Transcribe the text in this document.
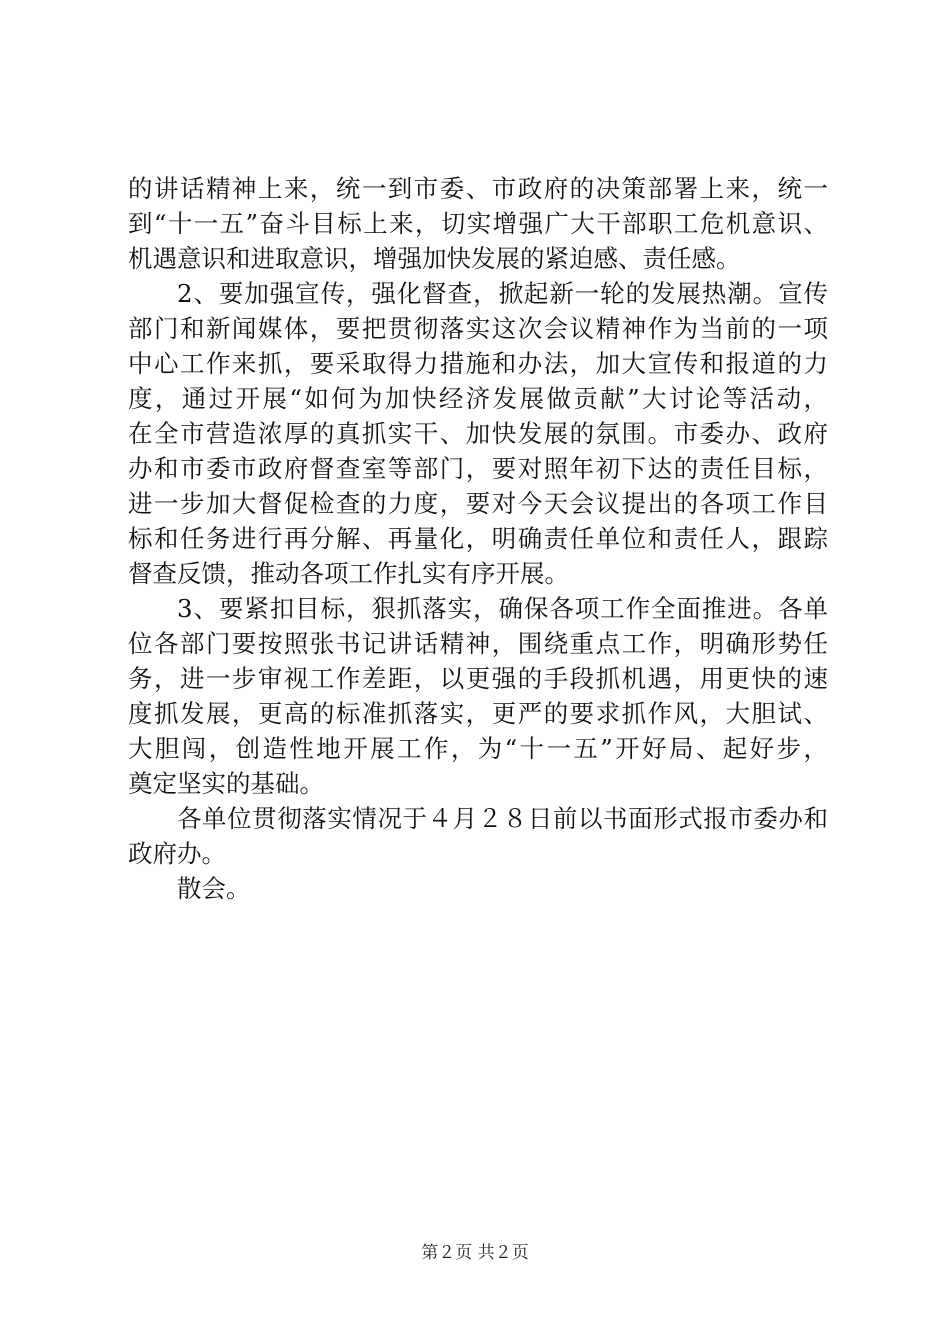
的讲话精神上来，统一到市委、市政府的决策部署上来，统一
到“十一五”奋斗目标上来，切实增强广大干部职工危机意识、
机遇意识和进取意识，增强加快发展的紧迫感、责任感。
2、要加强宣传，强化督查，掀起新一轮的发展热潮。宣传
部门和新闻媒体，要把贯彻落实这次会议精神作为当前的一项
中心工作来抓，要采取得力措施和办法，加大宣传和报道的力
度，通过开展“如何为加快经济发展做贡献”大讨论等活动，
在全市营造浓厚的真抓实干、加快发展的氛围。市委办、政府
办和市委市政府督查室等部门，要对照年初下达的责任目标，
进一步加大督促检查的力度，要对今天会议提出的各项工作目
标和任务进行再分解、再量化，明确责任单位和责任人，跟踪
督查反馈，推动各项工作扎实有序开展。
3、要紧扣目标，狠抓落实，确保各项工作全面推进。各单
位各部门要按照张书记讲话精神，围绕重点工作，明确形势任
务，进一步审视工作差距，以更强的手段抓机遇，用更快的速
度抓发展，更高的标准抓落实，更严的要求抓作风，大胆试、
大胆闯，创造性地开展工作，为“十一五”开好局、起好步，
奠定坚实的基础。
各单位贯彻落实情况于４月２８日前以书面形式报市委办和
政府办。
散会。
第２页 共２页
